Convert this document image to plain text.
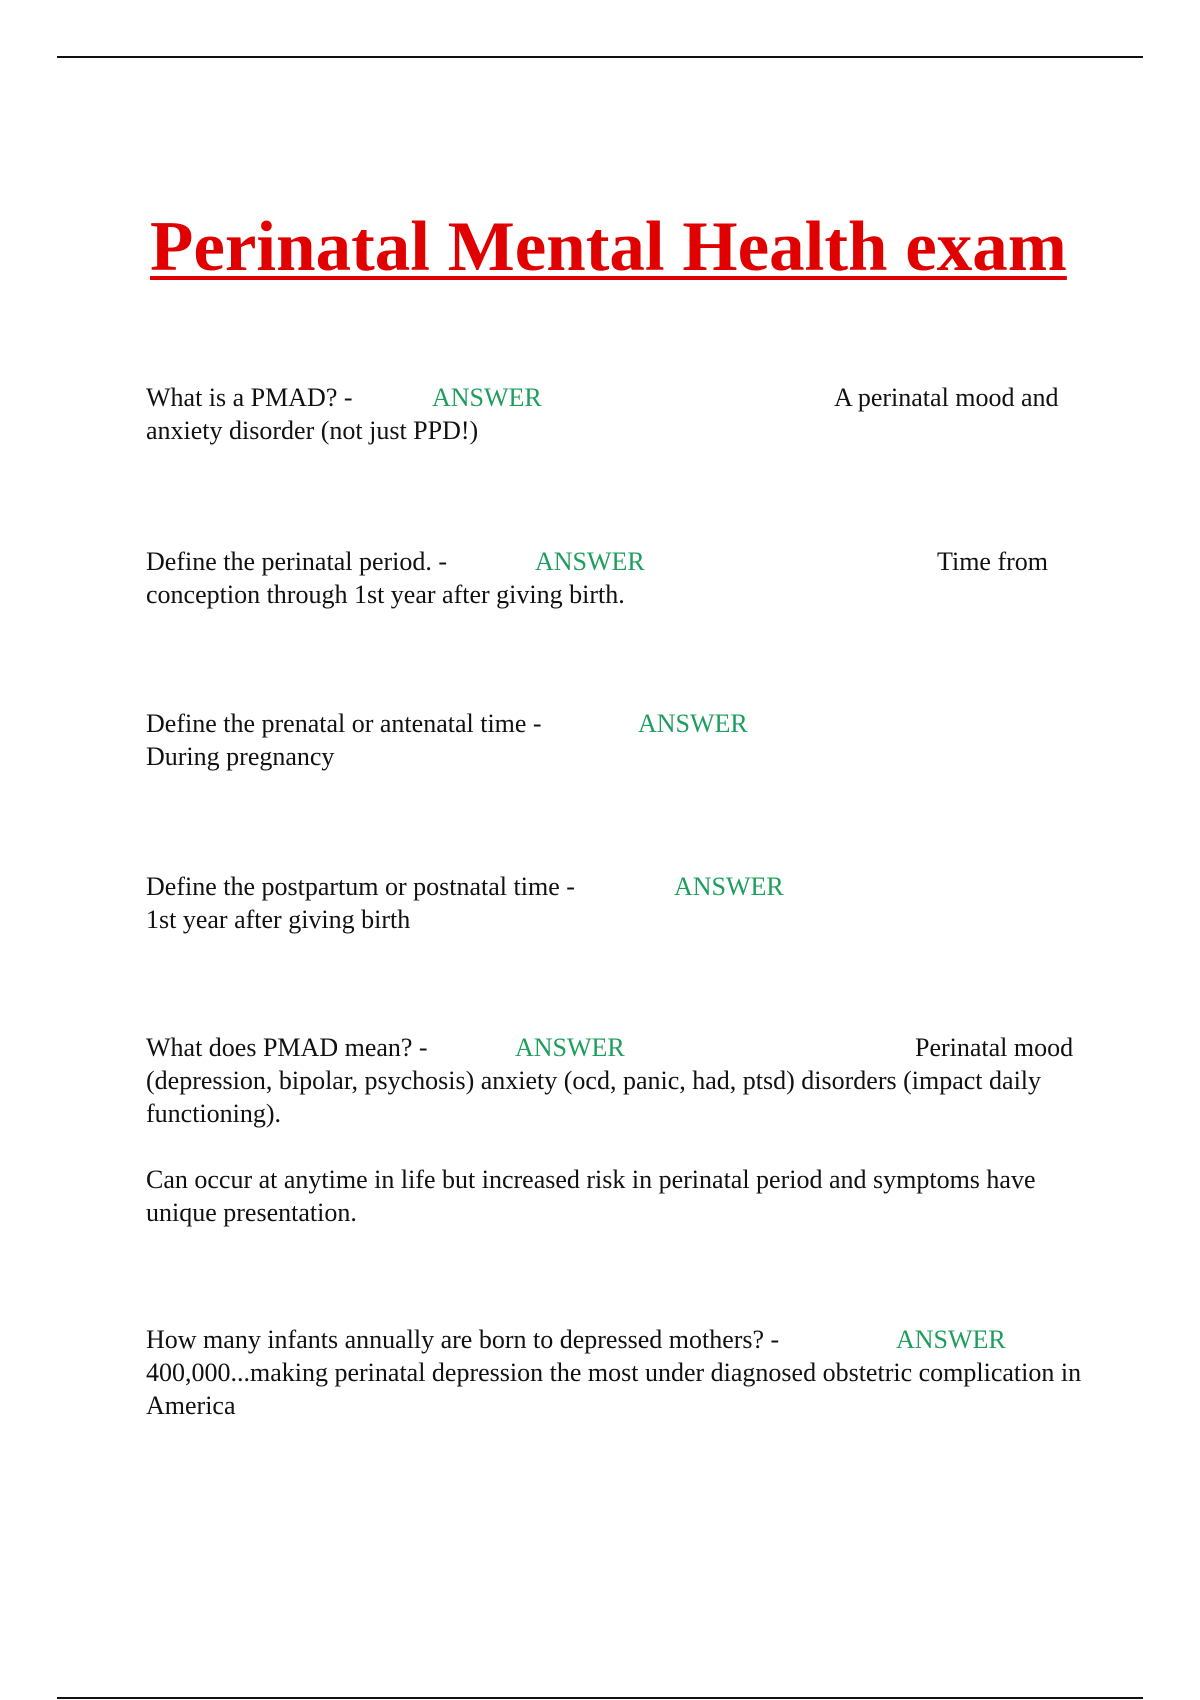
Perinatal Mental Health exam
What is a PMAD? -	ANSWER	A perinatal mood and
anxiety disorder (not just PPD!)
Define the perinatal period. -	ANSWER	Time from
conception through 1st year after giving birth.
Define the prenatal or antenatal time -	ANSWER
During pregnancy
Define the postpartum or postnatal time -	ANSWER
1st year after giving birth
What does PMAD mean? -	ANSWER	Perinatal mood
(depression, bipolar, psychosis) anxiety (ocd, panic, had, ptsd) disorders (impact daily functioning).
Can occur at anytime in life but increased risk in perinatal period and symptoms have unique presentation.
How many infants annually are born to depressed mothers? -	ANSWER
400,000...making perinatal depression the most under diagnosed obstetric complication in America
